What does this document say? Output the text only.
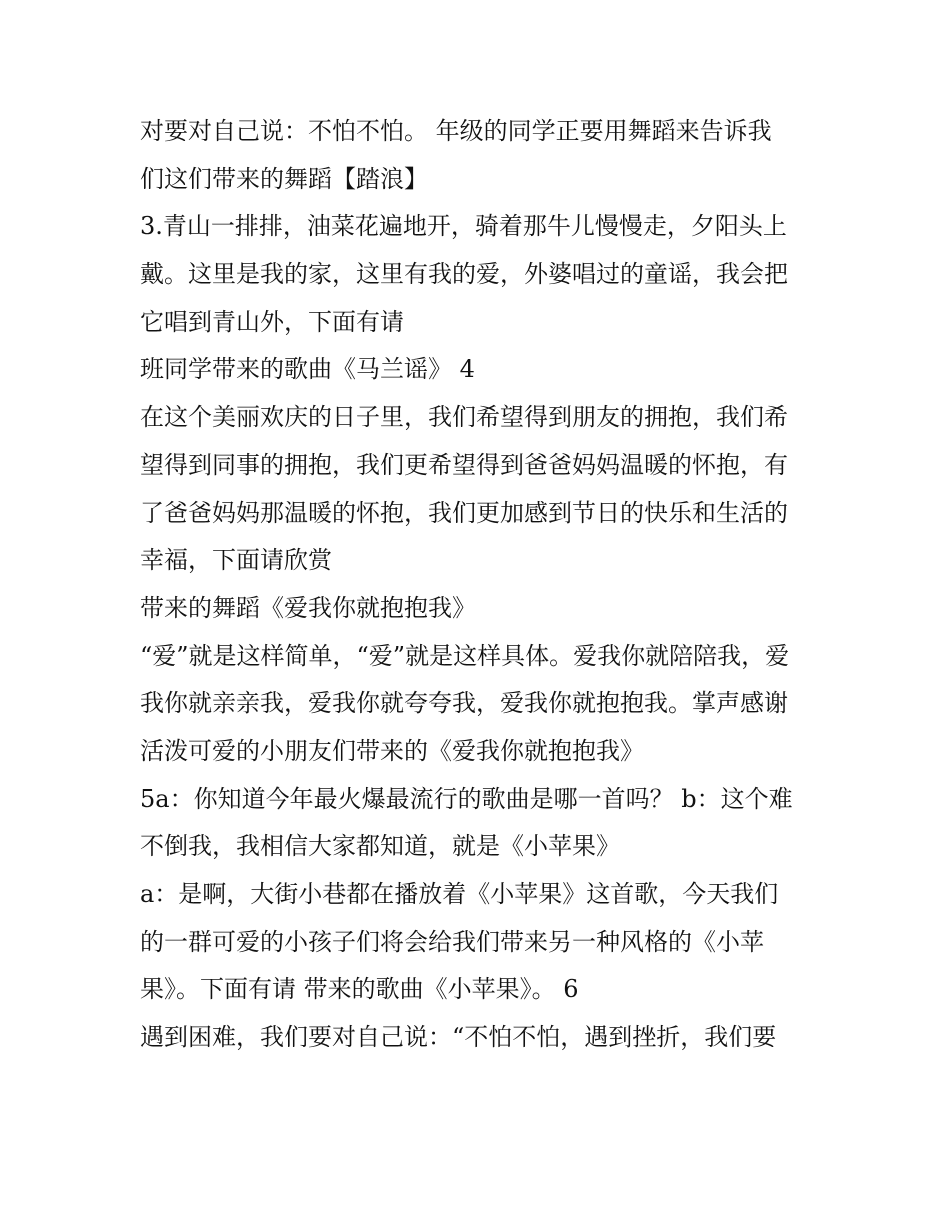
对要对自己说：不怕不怕。 年级的同学正要用舞蹈来告诉我

们这们带来的舞蹈【踏浪】

3.青山一排排，油菜花遍地开，骑着那牛儿慢慢走，夕阳头上

戴。这里是我的家，这里有我的爱，外婆唱过的童谣，我会把

它唱到青山外，下面有请

班同学带来的歌曲《马兰谣》 4

在这个美丽欢庆的日子里，我们希望得到朋友的拥抱，我们希

望得到同事的拥抱，我们更希望得到爸爸妈妈温暖的怀抱，有

了爸爸妈妈那温暖的怀抱，我们更加感到节日的快乐和生活的

幸福，下面请欣赏

带来的舞蹈《爱我你就抱抱我》

“爱”就是这样简单，“爱”就是这样具体。爱我你就陪陪我，爱

我你就亲亲我，爱我你就夸夸我，爱我你就抱抱我。掌声感谢

活泼可爱的小朋友们带来的《爱我你就抱抱我》

5a：你知道今年最火爆最流行的歌曲是哪一首吗？ b：这个难

不倒我，我相信大家都知道，就是《小苹果》

a：是啊，大街小巷都在播放着《小苹果》这首歌，今天我们

的一群可爱的小孩子们将会给我们带来另一种风格的《小苹

果》。下面有请 带来的歌曲《小苹果》。 6

遇到困难，我们要对自己说：“不怕不怕，遇到挫折，我们要
